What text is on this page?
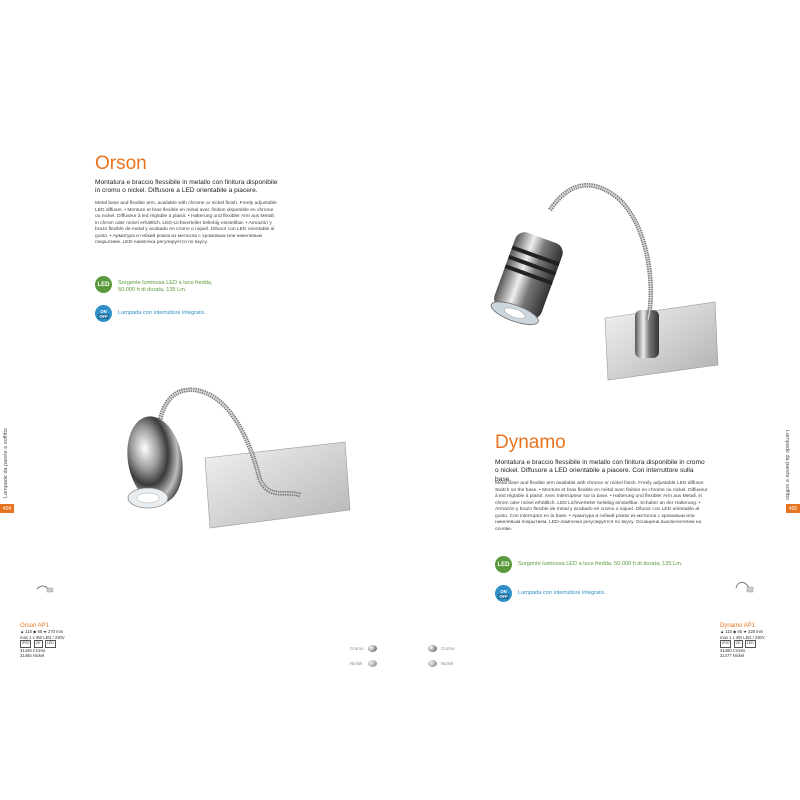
Orson
Montatura e braccio flessibile in metallo con finitura disponibile in cromo o nickel. Diffusore a LED orientabile a piacere.
Metal base and flexible arm, available with chrome or nickel finish. Freely adjustable LED diffuser. • Monture et bras flexible en métal avec finition disponible en chrome ou nickel. Diffuseur à led réglable à plaisir. • Halterung und flexibler Arm aus Metall, in chrom oder nickel erhältlich. LED-Lichtverteiler beliebig einstellbar. • Armazón y brazo flexible de metal y acabado en cromo o niquel. Difusor con LED orientable al gusto. • Арматура и гибкий рожок из металла с хромовым или никелевым покрытием. LED-лампочка регулируется по вкусу.
LED Sorgente luminosa LED a luce fredda,
50.000 h di durata, 135 Lm.
ON
OFF Lampada con interruttore integrato.
Lampade da parete e soffitto
404
Orson AP1
▲ 115 ◆ 65 ⬌ 270 mm
max 1 x 3W LED / 230V
IP20 CE LED
31448 Cromo
31455 Nickel
Cromo
Nickel
Dynamo
Montatura e braccio flessibile in metallo con finitura disponibile in cromo o nickel. Diffusore a LED orientabile a piacere. Con interruttore sulla base.
Metal base and flexible arm available with chrome or nickel finish. Freely adjustable LED diffuser. Switch on the base. • Monture et bras flexible en métal avec finition en chrome ou nickel. Diffuseur à led réglable à plaisir. Avec interrupteur sur la base. • Halterung und flexibler Arm aus Metall, in chrom oder nickel erhältlich. LED Lichtverteiler beliebig einstellbar. Schalter an der Halterung. • Armazón y brazo flexible de metal y acabado en cromo o niquel. Difusor con LED orientable al gusto. Con interruptor en la base. • Арматура и гибкий рожок из металла с хромовым или никелевым покрытием. LED-лампочка регулируется по вкусу. Оснащена выключателем на основе.
LED Sorgente luminosa LED a luce fredda, 50.000 h di durata, 135 Lm.
ON
OFF Lampada con interruttore integrato.
Cromo
Nickel
Dynamo AP1
▲ 115 ◆ 65 ⬌ 325 mm
max 1 x 3W LED / 230V
IP20 CE LED
31460 Cromo
31477 Nickel
Lampade da parete e soffitto
405
